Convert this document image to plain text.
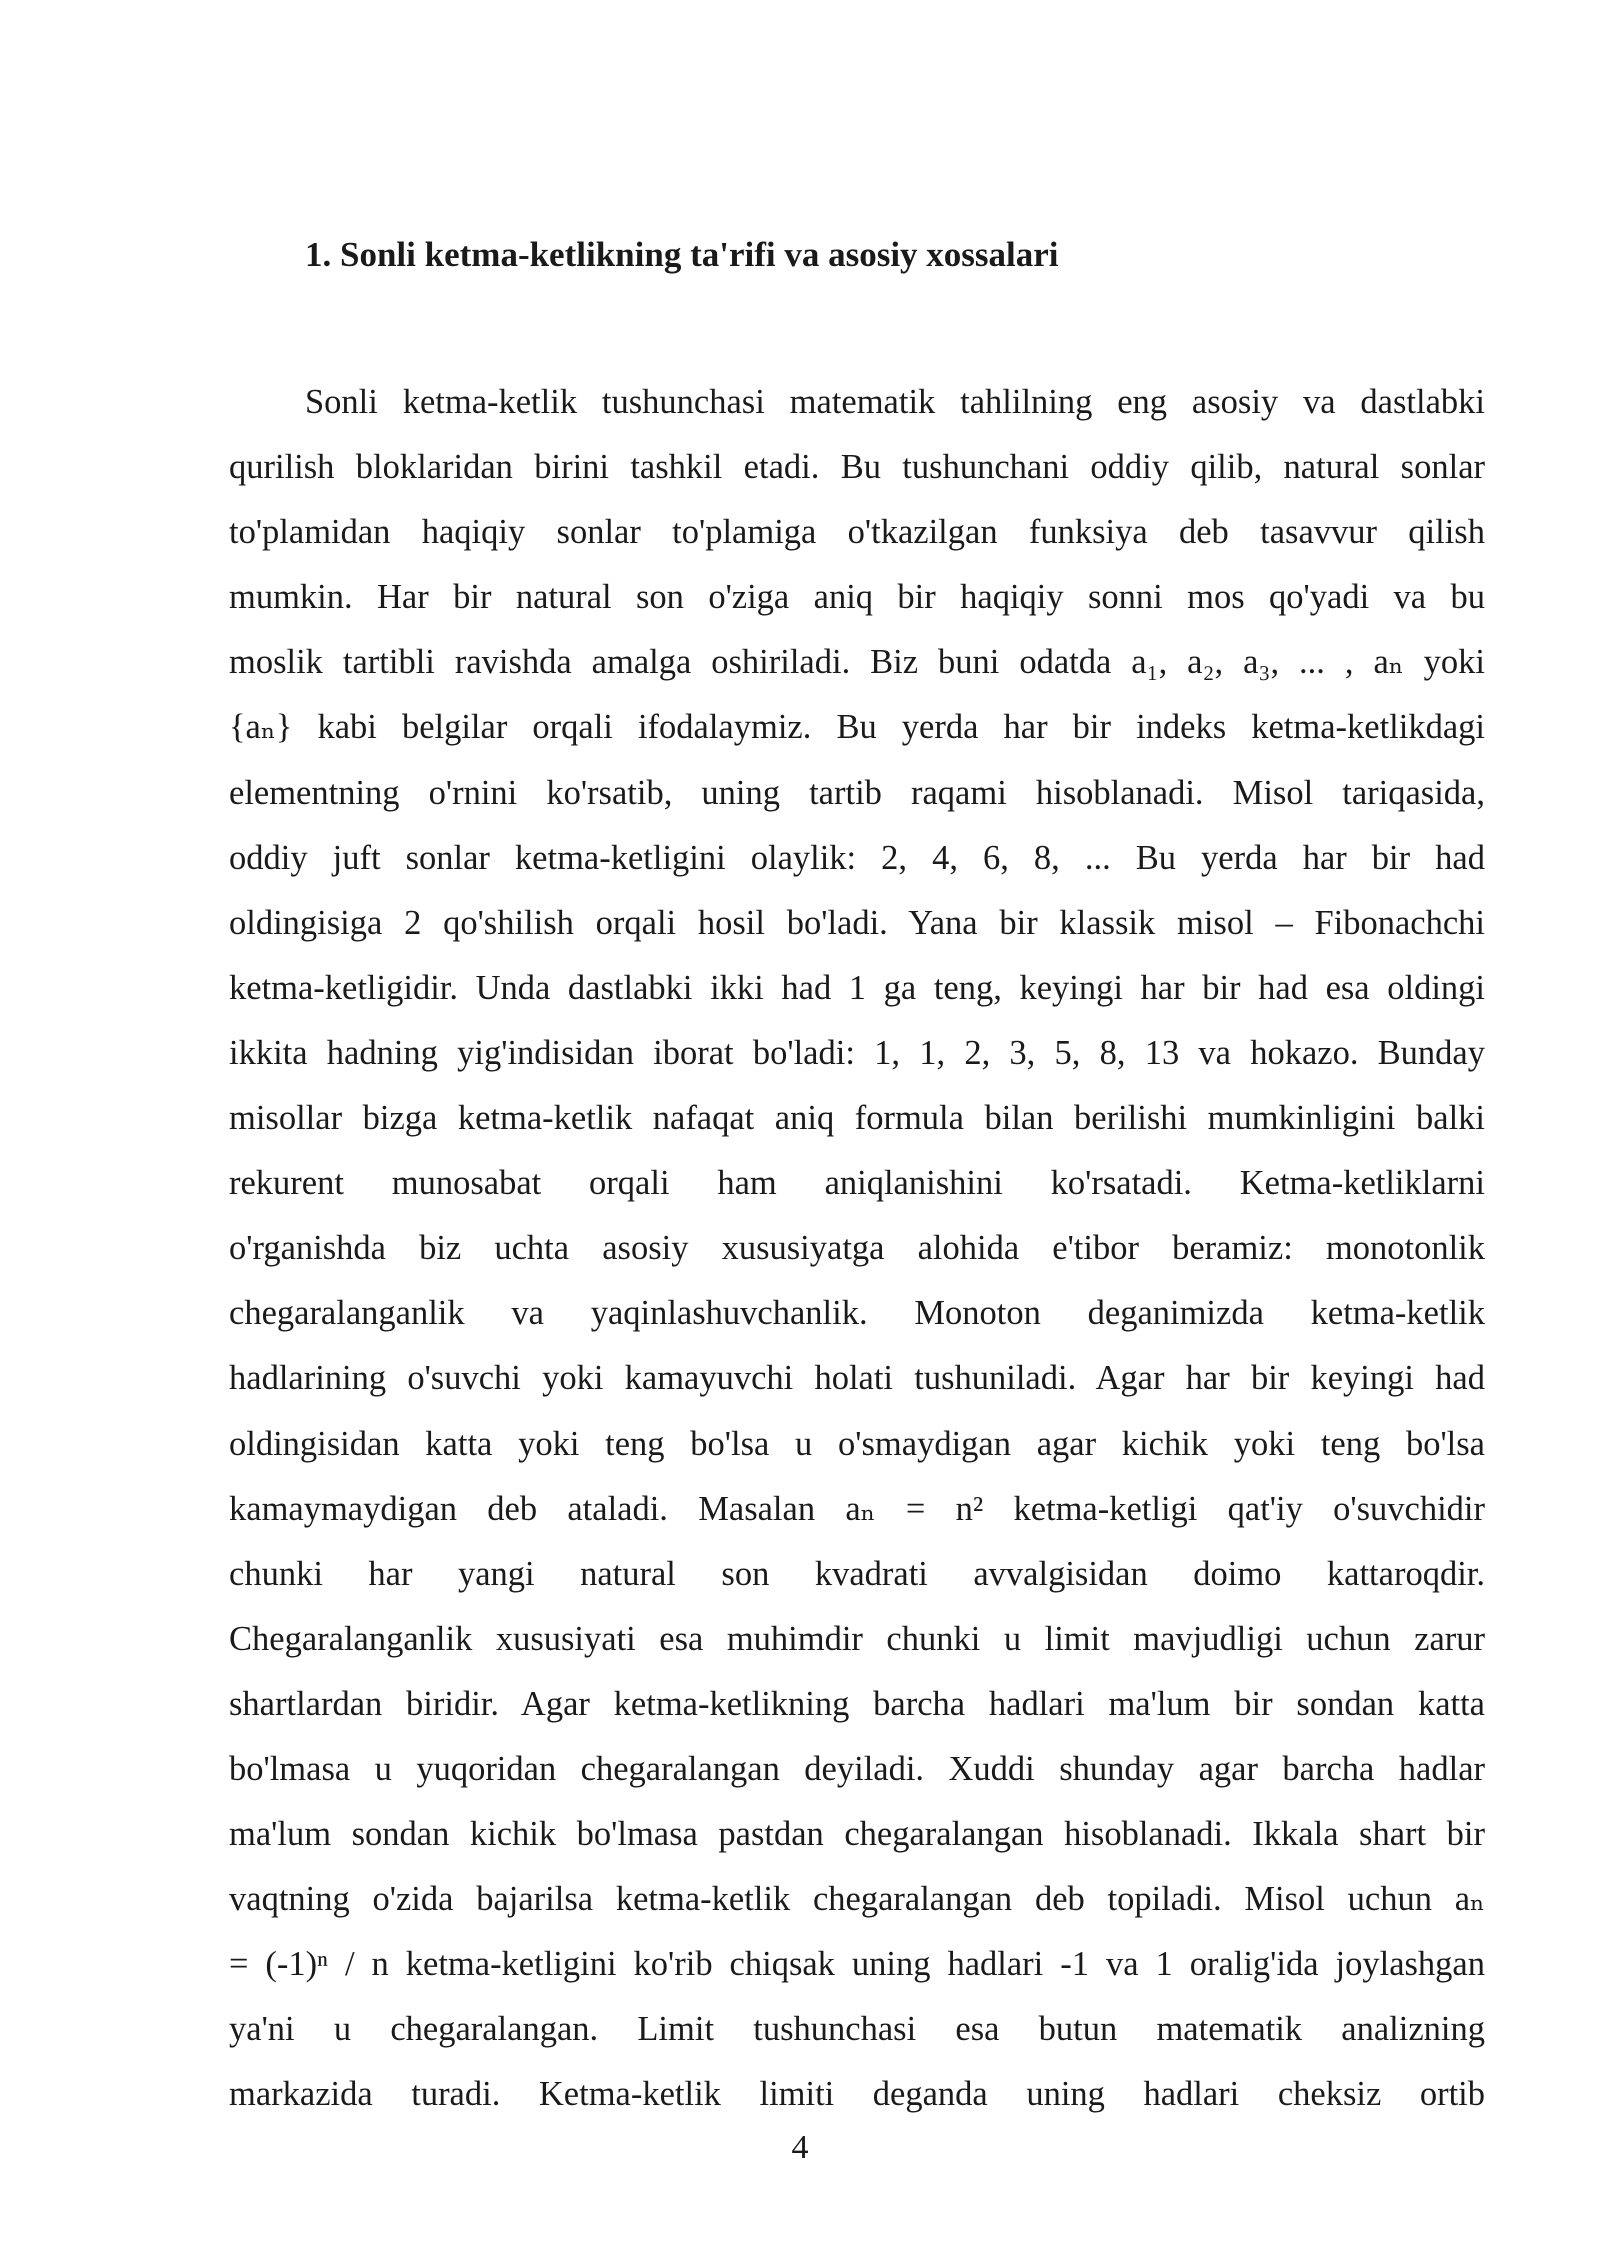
1. Sonli ketma-ketlikning ta'rifi va asosiy xossalari
Sonli ketma-ketlik tushunchasi matematik tahlilning eng asosiy va dastlabki
qurilish bloklaridan birini tashkil etadi. Bu tushunchani oddiy qilib, natural sonlar
to'plamidan haqiqiy sonlar to'plamiga o'tkazilgan funksiya deb tasavvur qilish
mumkin. Har bir natural son o'ziga aniq bir haqiqiy sonni mos qo'yadi va bu
moslik tartibli ravishda amalga oshiriladi. Biz buni odatda a₁, a₂, a₃, ... , aₙ yoki
{aₙ} kabi belgilar orqali ifodalaymiz. Bu yerda har bir indeks ketma-ketlikdagi
elementning o'rnini ko'rsatib, uning tartib raqami hisoblanadi. Misol tariqasida,
oddiy juft sonlar ketma-ketligini olaylik: 2, 4, 6, 8, ... Bu yerda har bir had
oldingisiga 2 qo'shilish orqali hosil bo'ladi. Yana bir klassik misol – Fibonachchi
ketma-ketligidir. Unda dastlabki ikki had 1 ga teng, keyingi har bir had esa oldingi
ikkita hadning yig'indisidan iborat bo'ladi: 1, 1, 2, 3, 5, 8, 13 va hokazo. Bunday
misollar bizga ketma-ketlik nafaqat aniq formula bilan berilishi mumkinligini balki
rekurent munosabat orqali ham aniqlanishini ko'rsatadi. Ketma-ketliklarni
o'rganishda biz uchta asosiy xususiyatga alohida e'tibor beramiz: monotonlik
chegaralanganlik va yaqinlashuvchanlik. Monoton deganimizda ketma-ketlik
hadlarining o'suvchi yoki kamayuvchi holati tushuniladi. Agar har bir keyingi had
oldingisidan katta yoki teng bo'lsa u o'smaydigan agar kichik yoki teng bo'lsa
kamaymaydigan deb ataladi. Masalan aₙ = n² ketma-ketligi qat'iy o'suvchidir
chunki har yangi natural son kvadrati avvalgisidan doimo kattaroqdir.
Chegaralanganlik xususiyati esa muhimdir chunki u limit mavjudligi uchun zarur
shartlardan biridir. Agar ketma-ketlikning barcha hadlari ma'lum bir sondan katta
bo'lmasa u yuqoridan chegaralangan deyiladi. Xuddi shunday agar barcha hadlar
ma'lum sondan kichik bo'lmasa pastdan chegaralangan hisoblanadi. Ikkala shart bir
vaqtning o'zida bajarilsa ketma-ketlik chegaralangan deb topiladi. Misol uchun aₙ
= (-1)ⁿ / n ketma-ketligini ko'rib chiqsak uning hadlari -1 va 1 oralig'ida joylashgan
ya'ni u chegaralangan. Limit tushunchasi esa butun matematik analizning
markazida turadi. Ketma-ketlik limiti deganda uning hadlari cheksiz ortib

4
